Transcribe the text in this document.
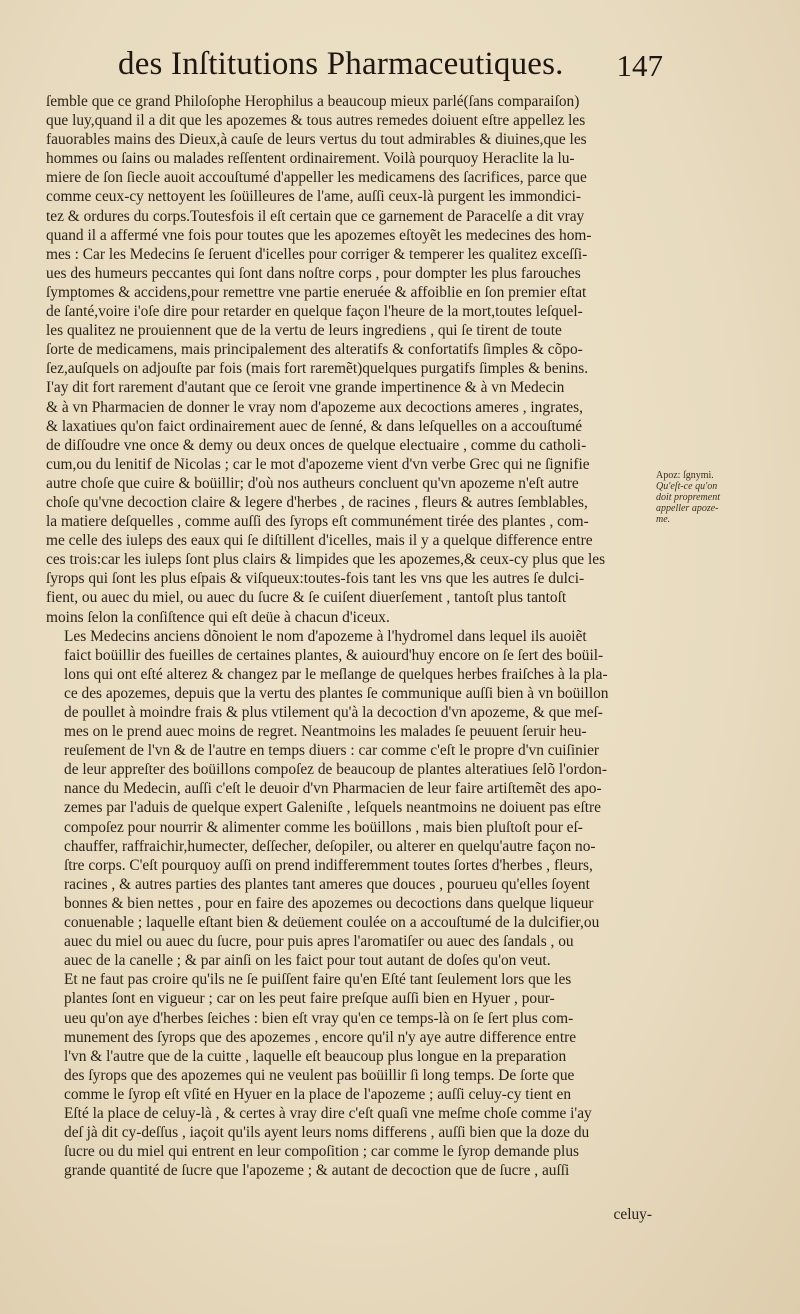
des Inſtitutions Pharmaceutiques. 147

ſemble que ce grand Philoſophe Herophilus a beaucoup mieux parlé(ſans comparaiſon)
que luy,quand il a dit que les apozemes & tous autres remedes doiuent eſtre appellez les
fauorables mains des Dieux,à cauſe de leurs vertus du tout admirables & diuines,que les
hommes ou ſains ou malades reſſentent ordinairement. Voilà pourquoy Heraclite la lu-
miere de ſon ſiecle auoit accouſtumé d'appeller les medicamens des ſacrifices, parce que
comme ceux-cy nettoyent les ſoüilleures de l'ame, auſſi ceux-là purgent les immondici-
tez & ordures du corps.Toutesfois il eſt certain que ce garnement de Paracelſe a dit vray
quand il a affermé vne fois pour toutes que les apozemes eſtoyẽt les medecines des hom-
mes : Car les Medecins ſe ſeruent d'icelles pour corriger & temperer les qualitez exceſſi-
ues des humeurs peccantes qui ſont dans noſtre corps , pour dompter les plus farouches
ſymptomes & accidens,pour remettre vne partie eneruée & affoiblie en ſon premier eſtat
de ſanté,voire i'oſe dire pour retarder en quelque façon l'heure de la mort,toutes leſquel-
les qualitez ne prouiennent que de la vertu de leurs ingrediens , qui ſe tirent de toute
ſorte de medicamens, mais principalement des alteratifs & confortatifs ſimples & cõpo-
ſez,auſquels on adjouſte par fois (mais fort raremẽt)quelques purgatifs ſimples & benins.
I'ay dit fort rarement d'autant que ce ſeroit vne grande impertinence & à vn Medecin
& à vn Pharmacien de donner le vray nom d'apozeme aux decoctions ameres , ingrates,
& laxatiues qu'on faict ordinairement auec de ſenné, & dans leſquelles on a accouſtumé
de diſſoudre vne once & demy ou deux onces de quelque electuaire , comme du catholi-
cum,ou du lenitif de Nicolas ; car le mot d'apozeme vient d'vn verbe Grec qui ne ſignifie
autre choſe que cuire & boüillir; d'où nos autheurs concluent qu'vn apozeme n'eſt autre
choſe qu'vne decoction claire & legere d'herbes , de racines , fleurs & autres ſemblables,
la matiere deſquelles , comme auſſi des ſyrops eſt communément tirée des plantes , com-
me celle des iuleps des eaux qui ſe diſtillent d'icelles, mais il y a quelque difference entre
ces trois:car les iuleps ſont plus clairs & limpides que les apozemes,& ceux-cy plus que les
ſyrops qui ſont les plus eſpais & viſqueux:toutes-fois tant les vns que les autres ſe dulci-
fient, ou auec du miel, ou auec du ſucre & ſe cuiſent diuerſement , tantoſt plus tantoſt
moins ſelon la conſiſtence qui eſt deüe à chacun d'iceux.

Les Medecins anciens dõnoient le nom d'apozeme à l'hydromel dans lequel ils auoiẽt
faict boüillir des fueilles de certaines plantes, & auiourd'huy encore on ſe ſert des boüil-
lons qui ont eſté alterez & changez par le meſlange de quelques herbes fraiſches à la pla-
ce des apozemes, depuis que la vertu des plantes ſe communique auſſi bien à vn boüillon
de poullet à moindre frais & plus vtilement qu'à la decoction d'vn apozeme, & que meſ-
mes on le prend auec moins de regret. Neantmoins les malades ſe peuuent ſeruir heu-
reuſement de l'vn & de l'autre en temps diuers : car comme c'eſt le propre d'vn cuiſinier
de leur appreſter des boüillons compoſez de beaucoup de plantes alteratiues ſelõ l'ordon-
nance du Medecin, auſſi c'eſt le deuoir d'vn Pharmacien de leur faire artiſtemẽt des apo-
zemes par l'aduis de quelque expert Galeniſte , leſquels neantmoins ne doiuent pas eſtre
compoſez pour nourrir & alimenter comme les boüillons , mais bien pluſtoſt pour eſ-
chauffer, raffraichir,humecter, deſſecher, deſopiler, ou alterer en quelqu'autre façon no-
ſtre corps. C'eſt pourquoy auſſi on prend indifferemment toutes ſortes d'herbes , fleurs,
racines , & autres parties des plantes tant ameres que douces , pourueu qu'elles ſoyent
bonnes & bien nettes , pour en faire des apozemes ou decoctions dans quelque liqueur
conuenable ; laquelle eſtant bien & deüement coulée on a accouſtumé de la dulcifier,ou
auec du miel ou auec du ſucre, pour puis apres l'aromatiſer ou auec des ſandals , ou
auec de la canelle ; & par ainſi on les faict pour tout autant de doſes qu'on veut.
Et ne faut pas croire qu'ils ne ſe puiſſent faire qu'en Eſté tant ſeulement lors que les
plantes ſont en vigueur ; car on les peut faire preſque auſſi bien en Hyuer , pour-
ueu qu'on aye d'herbes ſeiches : bien eſt vray qu'en ce temps-là on ſe ſert plus com-
munement des ſyrops que des apozemes , encore qu'il n'y aye autre difference entre
l'vn & l'autre que de la cuitte , laquelle eſt beaucoup plus longue en la preparation
des ſyrops que des apozemes qui ne veulent pas boüillir ſi long temps. De ſorte que
comme le ſyrop eſt vſité en Hyuer en la place de l'apozeme ; auſſi celuy-cy tient en
Eſté la place de celuy-là , & certes à vray dire c'eſt quaſi vne meſme choſe comme i'ay
deſ jà dit cy-deſſus , iaçoit qu'ils ayent leurs noms differens , auſſi bien que la doze du
ſucre ou du miel qui entrent en leur compoſition ; car comme le ſyrop demande plus
grande quantité de ſucre que l'apozeme ; & autant de decoction que de ſucre , auſſi

Apoz: ſgnymi.
Qu'eſt-ce qu'on
doit proprement
appeller apoze-
me.
celuy-
